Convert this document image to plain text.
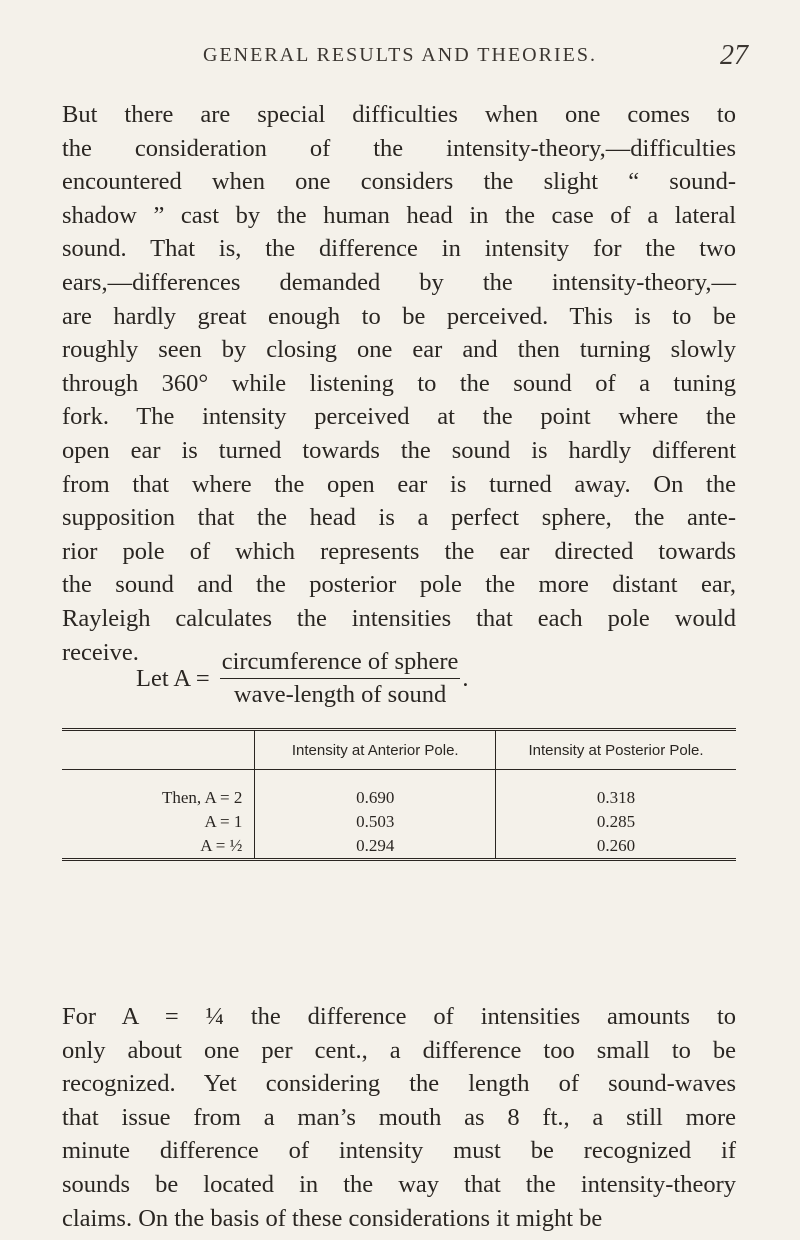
GENERAL RESULTS AND THEORIES.	27
But there are special difficulties when one comes to
the consideration of the intensity-theory,—difficulties
encountered when one considers the slight “ sound-
shadow ” cast by the human head in the case of a lateral
sound. That is, the difference in intensity for the two
ears,—differences demanded by the intensity-theory,—
are hardly great enough to be perceived. This is to be
roughly seen by closing one ear and then turning slowly
through 360° while listening to the sound of a tuning
fork. The intensity perceived at the point where the
open ear is turned towards the sound is hardly different
from that where the open ear is turned away. On the
supposition that the head is a perfect sphere, the ante-
rior pole of which represents the ear directed towards
the sound and the posterior pole the more distant ear,
Rayleigh calculates the intensities that each pole would
receive.
Let $A = \frac{\text{circumference of sphere}}{\text{wave-length of sound}}$ .
	Intensity at Anterior Pole.	Intensity at Posterior Pole.
Then, A = 2	0.690	0.318
A = 1	0.503	0.285
A = ½	0.294	0.260
For A = ¼ the difference of intensities amounts to
only about one per cent., a difference too small to be
recognized. Yet considering the length of sound-waves
that issue from a man’s mouth as 8 ft., a still more
minute difference of intensity must be recognized if
sounds be located in the way that the intensity-theory
claims. On the basis of these considerations it might be
